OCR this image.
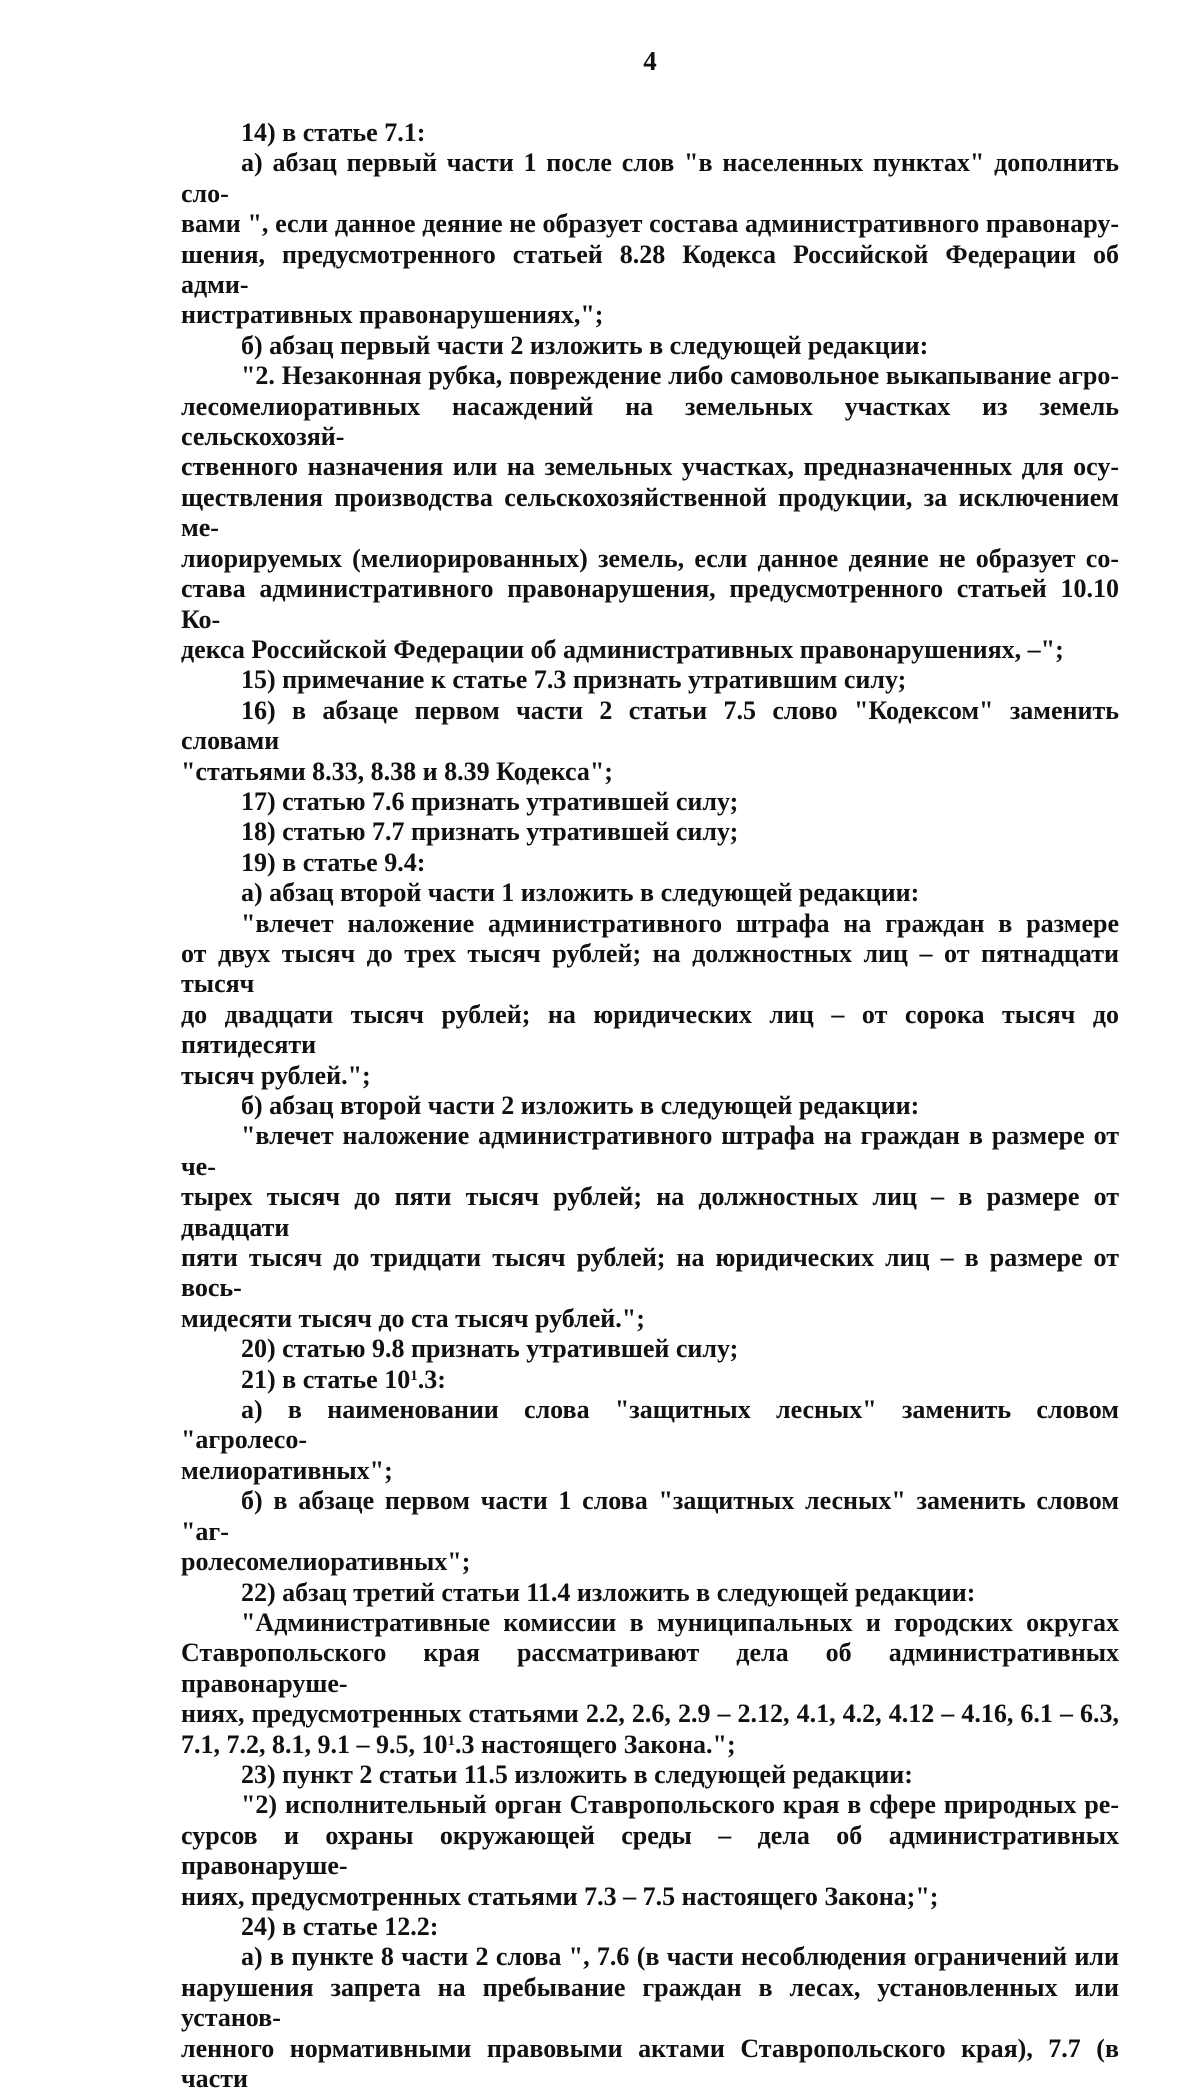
4
14) в статье 7.1:
а) абзац первый части 1 после слов "в населенных пунктах" дополнить сло-
вами ", если данное деяние не образует состава административного правонару-
шения, предусмотренного статьей 8.28 Кодекса Российской Федерации об адми-
нистративных правонарушениях,";
б) абзац первый части 2 изложить в следующей редакции:
"2. Незаконная рубка, повреждение либо самовольное выкапывание агро-
лесомелиоративных насаждений на земельных участках из земель сельскохозяй-
ственного назначения или на земельных участках, предназначенных для осу-
ществления производства сельскохозяйственной продукции, за исключением ме-
лиорируемых (мелиорированных) земель, если данное деяние не образует со-
става административного правонарушения, предусмотренного статьей 10.10 Ко-
декса Российской Федерации об административных правонарушениях, –";
15) примечание к статье 7.3 признать утратившим силу;
16) в абзаце первом части 2 статьи 7.5 слово "Кодексом" заменить словами
"статьями 8.33, 8.38 и 8.39 Кодекса";
17) статью 7.6 признать утратившей силу;
18) статью 7.7 признать утратившей силу;
19) в статье 9.4:
а) абзац второй части 1 изложить в следующей редакции:
"влечет наложение административного штрафа на граждан в размере
от двух тысяч до трех тысяч рублей; на должностных лиц – от пятнадцати тысяч
до двадцати тысяч рублей; на юридических лиц – от сорока тысяч до пятидесяти
тысяч рублей.";
б) абзац второй части 2 изложить в следующей редакции:
"влечет наложение административного штрафа на граждан в размере от че-
тырех тысяч до пяти тысяч рублей; на должностных лиц – в размере от двадцати
пяти тысяч до тридцати тысяч рублей; на юридических лиц – в размере от вось-
мидесяти тысяч до ста тысяч рублей.";
20) статью 9.8 признать утратившей силу;
21) в статье $10^1.3$:
а) в наименовании слова "защитных лесных" заменить словом "агролесо-
мелиоративных";
б) в абзаце первом части 1 слова "защитных лесных" заменить словом "аг-
ролесомелиоративных";
22) абзац третий статьи 11.4 изложить в следующей редакции:
"Административные комиссии в муниципальных и городских округах
Ставропольского края рассматривают дела об административных правонаруше-
ниях, предусмотренных статьями 2.2, 2.6, 2.9 – 2.12, 4.1, 4.2, 4.12 – 4.16, 6.1 – 6.3,
7.1, 7.2, 8.1, 9.1 – 9.5, $10^1.3$ настоящего Закона.";
23) пункт 2 статьи 11.5 изложить в следующей редакции:
"2) исполнительный орган Ставропольского края в сфере природных ре-
сурсов и охраны окружающей среды – дела об административных правонаруше-
ниях, предусмотренных статьями 7.3 – 7.5 настоящего Закона;";
24) в статье 12.2:
а) в пункте 8 части 2 слова ", 7.6 (в части несоблюдения ограничений или
нарушения запрета на пребывание граждан в лесах, установленных или установ-
ленного нормативными правовыми актами Ставропольского края), 7.7 (в части
